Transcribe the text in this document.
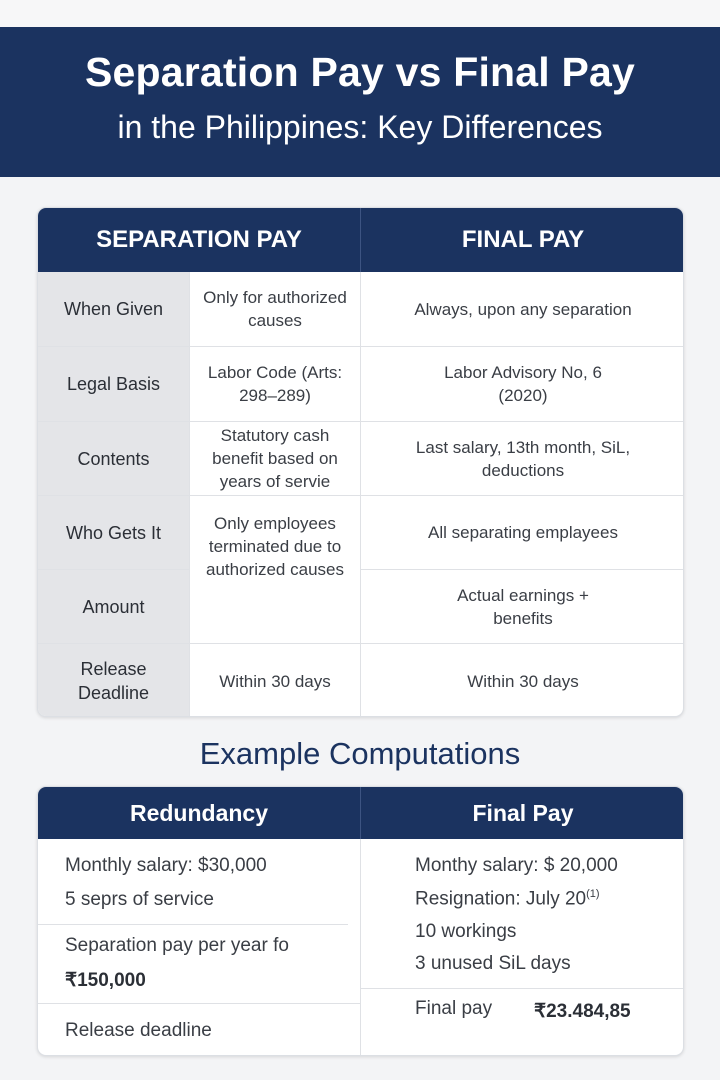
Separation Pay vs Final Pay
in the Philippines: Key Differences
SEPARATION PAY	FINAL PAY
When Given
Legal Basis
Contents
Who Gets It
Amount
Release Deadline
Only for authorized causes
Labor Code (Arts: 298–289)
Statutory cash benefit based on years of servie
Only employees terminated due to authorized causes
Within 30 days
Always, upon any separation
Labor Advisory No, 6 (2020)
Last salary, 13th month, SiL, deductions
All separating emplayees
Actual earnings + benefits
Within 30 days
Example Computations
Redundancy	Final Pay
Monthly salary: $30,000
5 seprs of service
Separation pay per year fo
₹150,000
Release deadline
Monthy salary: $ 20,000
Resignation: July 20$^{(1)}$
10 workings
3 unused SiL days
Final pay ₹23.484,85
